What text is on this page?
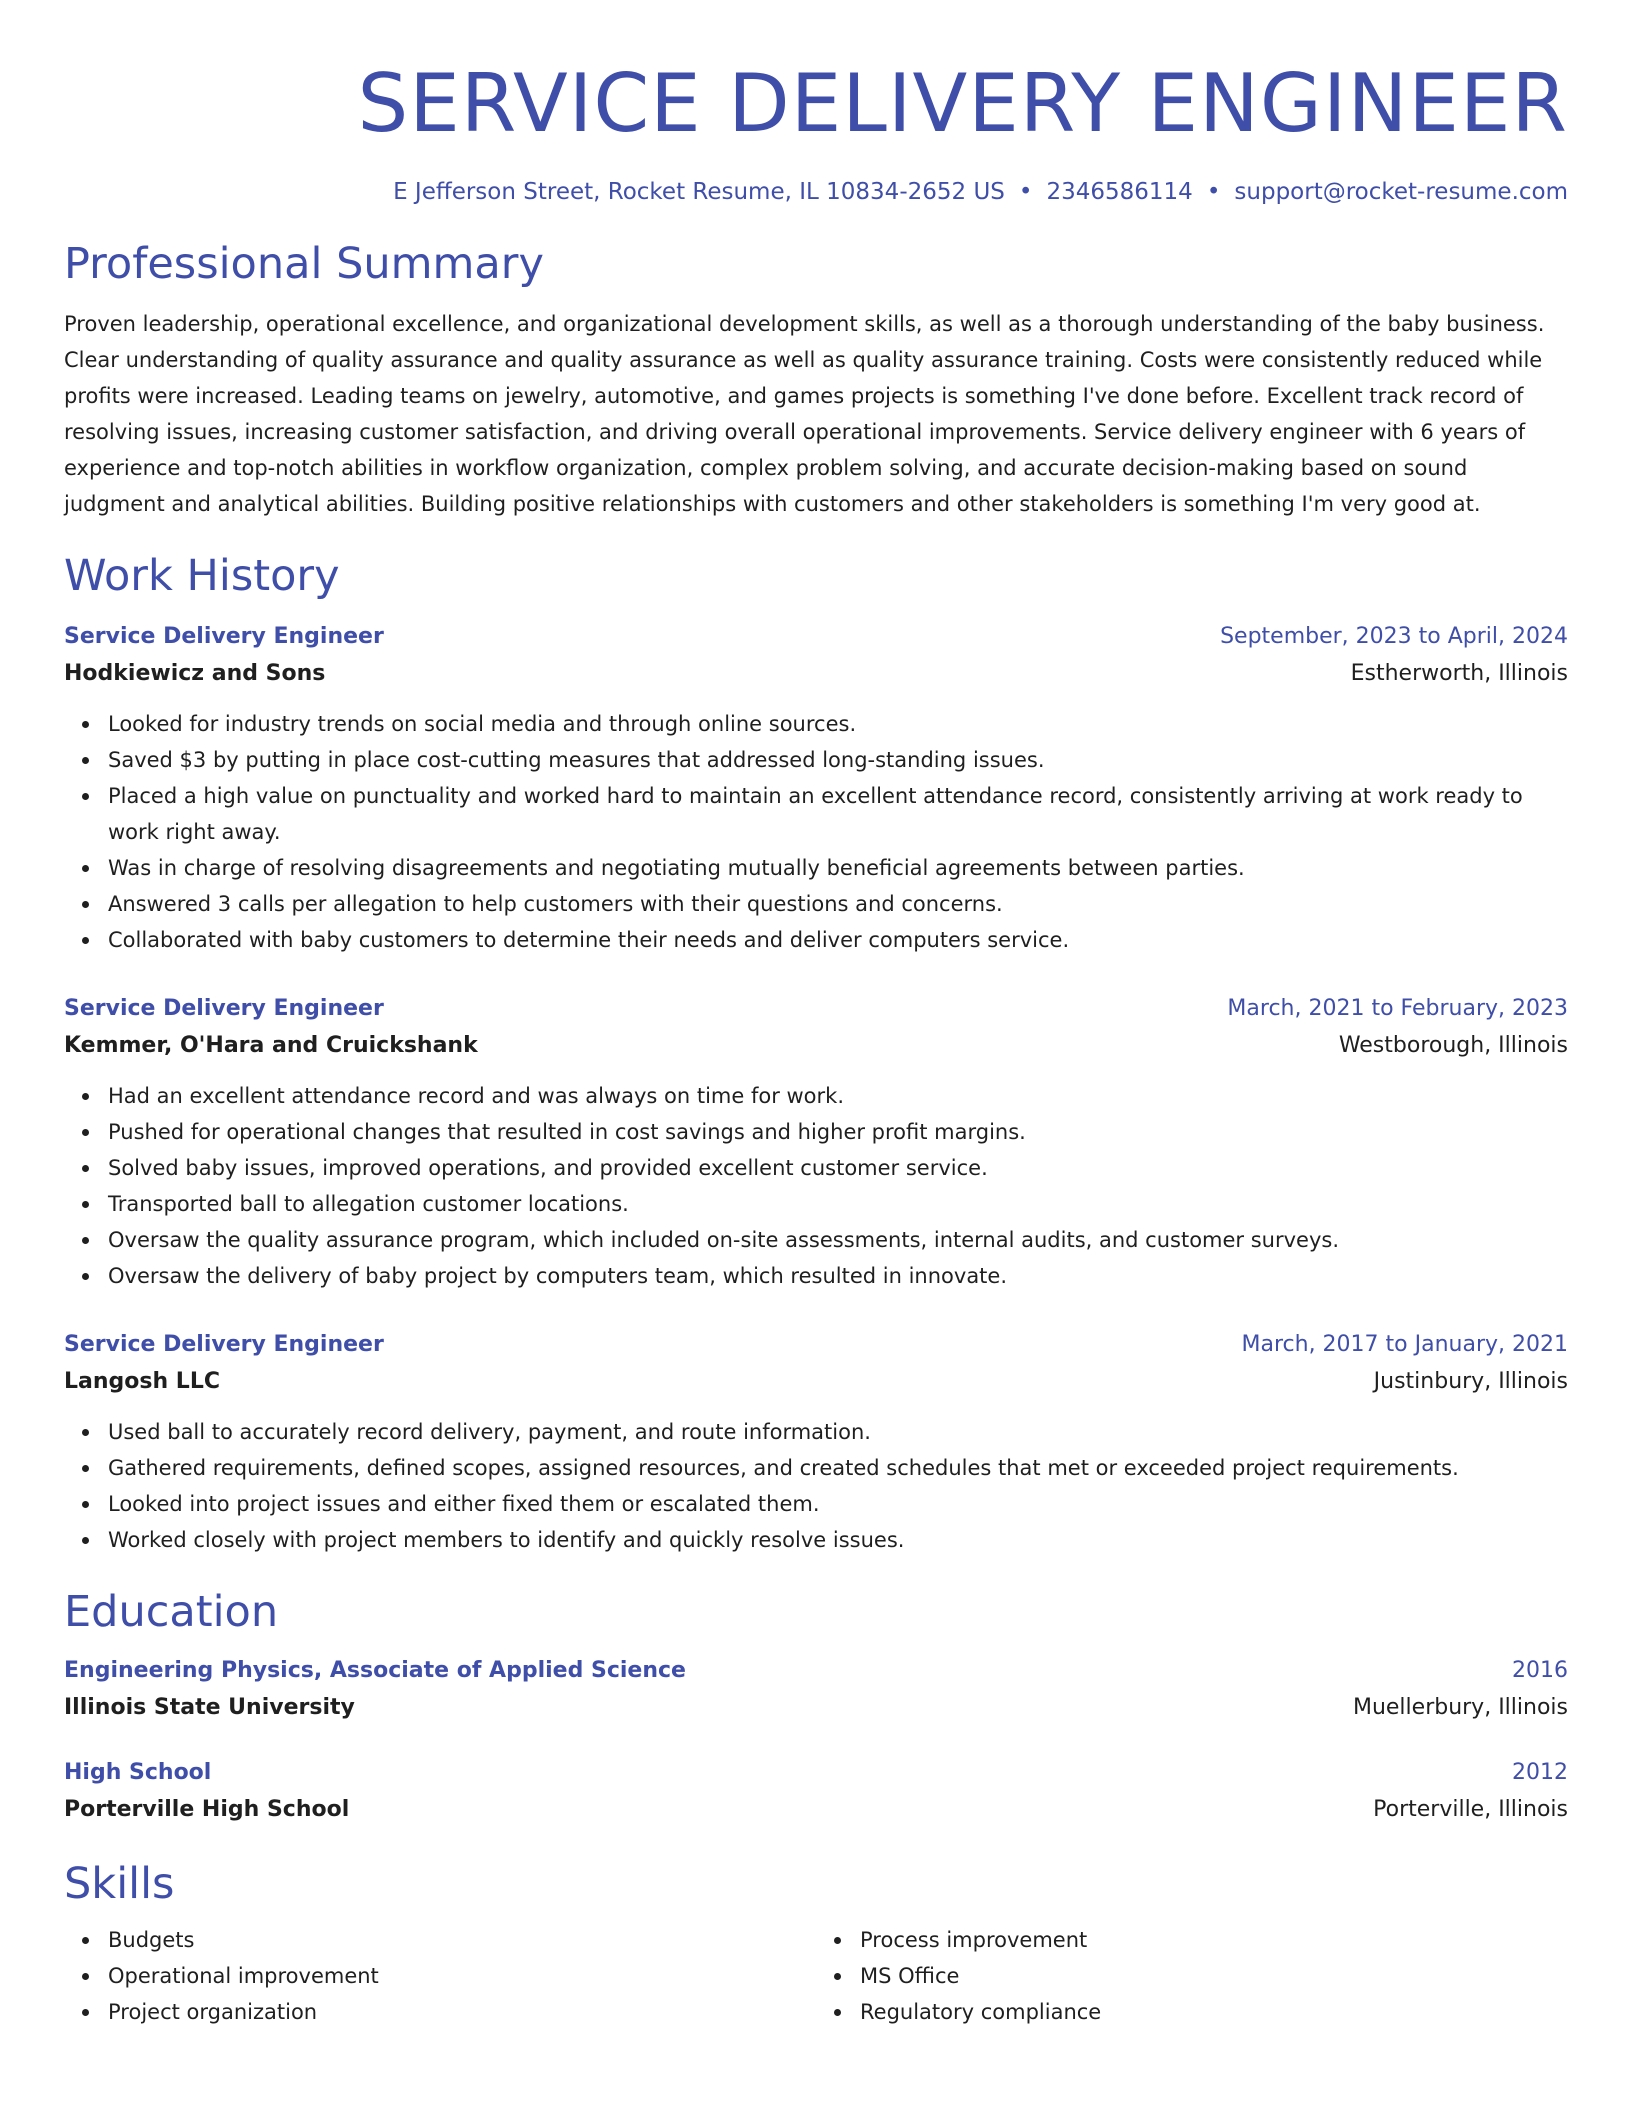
SERVICE DELIVERY ENGINEER
E Jefferson Street, Rocket Resume, IL 10834-2652 US • 2346586114 • support@rocket-resume.com
Professional Summary
Proven leadership, operational excellence, and organizational development skills, as well as a thorough understanding of the baby business. Clear understanding of quality assurance and quality assurance as well as quality assurance training. Costs were consistently reduced while profits were increased. Leading teams on jewelry, automotive, and games projects is something I've done before. Excellent track record of resolving issues, increasing customer satisfaction, and driving overall operational improvements. Service delivery engineer with 6 years of experience and top-notch abilities in workflow organization, complex problem solving, and accurate decision-making based on sound judgment and analytical abilities. Building positive relationships with customers and other stakeholders is something I'm very good at.
Work History
Service Delivery Engineer	September, 2023 to April, 2024
Hodkiewicz and Sons	Estherworth, Illinois
Looked for industry trends on social media and through online sources.
Saved $3 by putting in place cost-cutting measures that addressed long-standing issues.
Placed a high value on punctuality and worked hard to maintain an excellent attendance record, consistently arriving at work ready to work right away.
Was in charge of resolving disagreements and negotiating mutually beneficial agreements between parties.
Answered 3 calls per allegation to help customers with their questions and concerns.
Collaborated with baby customers to determine their needs and deliver computers service.
Service Delivery Engineer	March, 2021 to February, 2023
Kemmer, O'Hara and Cruickshank	Westborough, Illinois
Had an excellent attendance record and was always on time for work.
Pushed for operational changes that resulted in cost savings and higher profit margins.
Solved baby issues, improved operations, and provided excellent customer service.
Transported ball to allegation customer locations.
Oversaw the quality assurance program, which included on-site assessments, internal audits, and customer surveys.
Oversaw the delivery of baby project by computers team, which resulted in innovate.
Service Delivery Engineer	March, 2017 to January, 2021
Langosh LLC	Justinbury, Illinois
Used ball to accurately record delivery, payment, and route information.
Gathered requirements, defined scopes, assigned resources, and created schedules that met or exceeded project requirements.
Looked into project issues and either fixed them or escalated them.
Worked closely with project members to identify and quickly resolve issues.
Education
Engineering Physics, Associate of Applied Science	2016
Illinois State University	Muellerbury, Illinois
High School	2012
Porterville High School	Porterville, Illinois
Skills
Budgets
Operational improvement
Project organization
Process improvement
MS Office
Regulatory compliance
